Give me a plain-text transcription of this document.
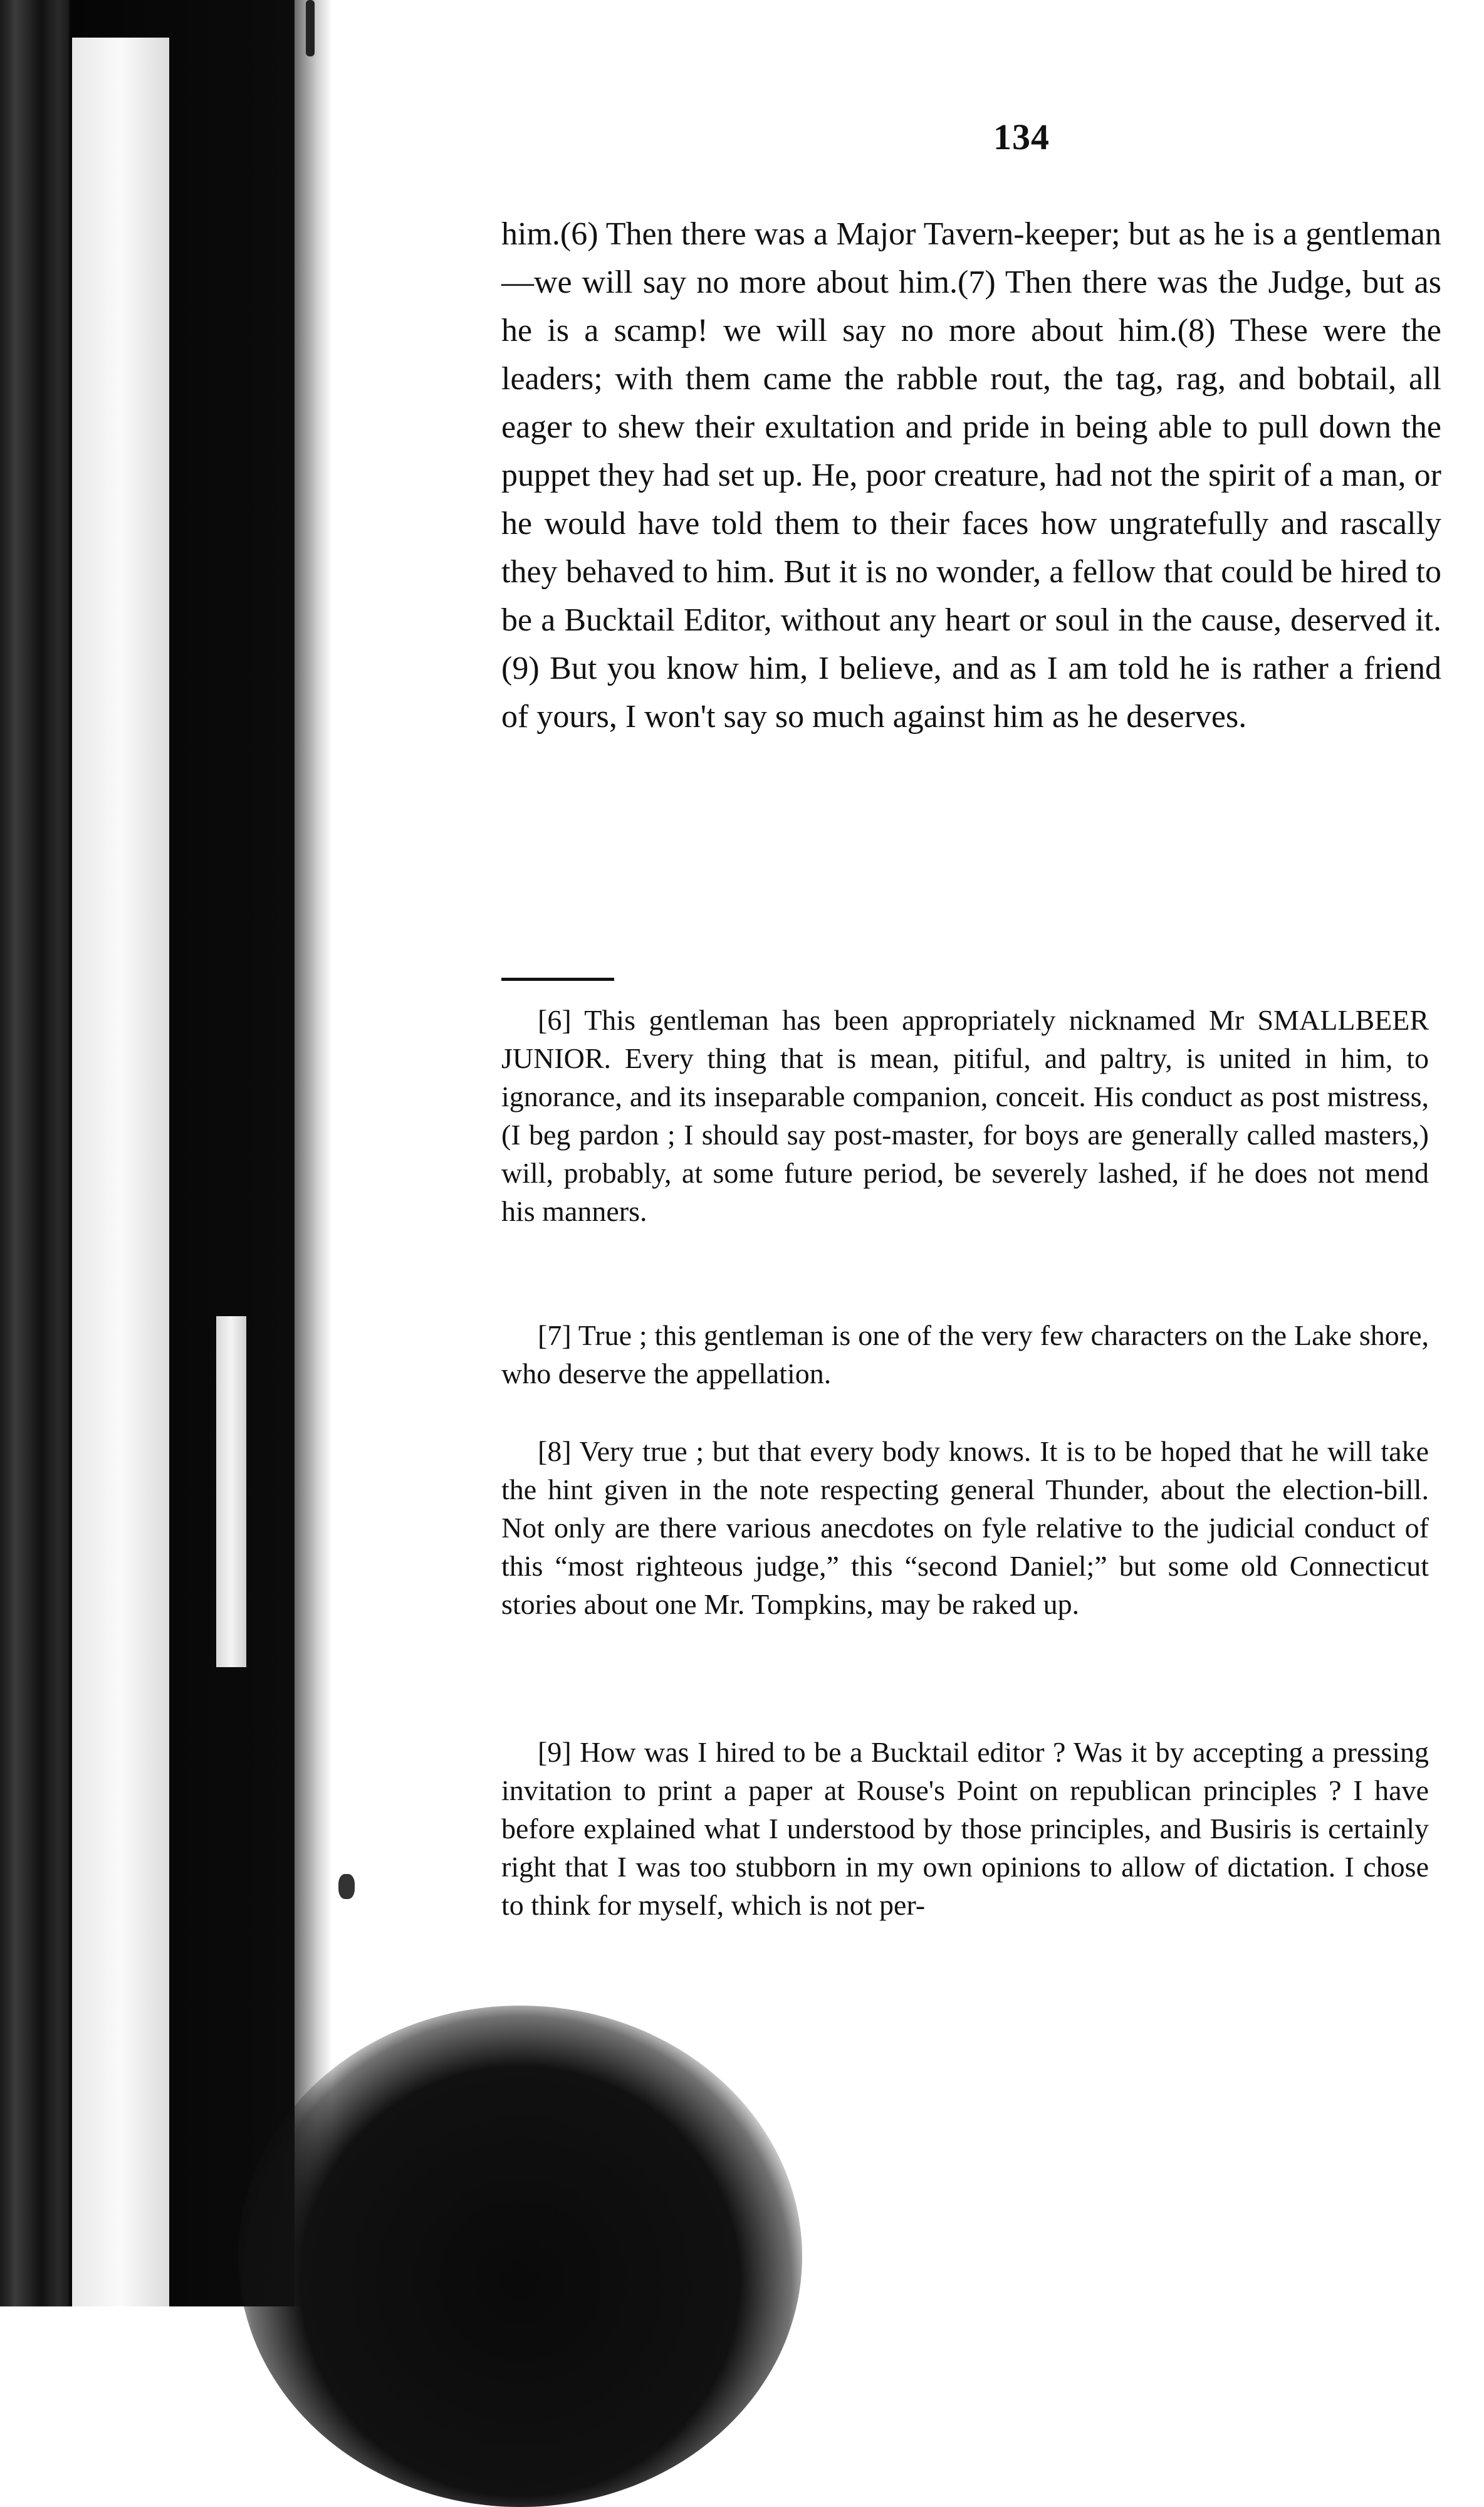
134
him.(6) Then there was a Major Tavern-keeper; but as he is a gentleman—we will say no more about him.(7) Then there was the Judge, but as he is a scamp! we will say no more about him.(8) These were the leaders; with them came the rabble rout, the tag, rag, and bobtail, all eager to shew their exultation and pride in being able to pull down the puppet they had set up. He, poor creature, had not the spirit of a man, or he would have told them to their faces how ungratefully and rascally they behaved to him. But it is no wonder, a fellow that could be hired to be a Bucktail Editor, without any heart or soul in the cause, deserved it.(9) But you know him, I believe, and as I am told he is rather a friend of yours, I won't say so much against him as he deserves.
[6] This gentleman has been appropriately nicknamed Mr SMALLBEER JUNIOR. Every thing that is mean, pitiful, and paltry, is united in him, to ignorance, and its inseparable companion, conceit. His conduct as post mistress, (I beg pardon ; I should say post-master, for boys are generally called masters,) will, probably, at some future period, be severely lashed, if he does not mend his manners.
[7] True ; this gentleman is one of the very few characters on the Lake shore, who deserve the appellation.
[8] Very true ; but that every body knows. It is to be hoped that he will take the hint given in the note respecting general Thunder, about the election-bill. Not only are there various anecdotes on fyle relative to the judicial conduct of this “most righteous judge,” this “second Daniel;” but some old Connecticut stories about one Mr. Tompkins, may be raked up.
[9] How was I hired to be a Bucktail editor ? Was it by accepting a pressing invitation to print a paper at Rouse's Point on republican principles ? I have before explained what I understood by those principles, and Busiris is certainly right that I was too stubborn in my own opinions to allow of dictation. I chose to think for myself, which is not per-
